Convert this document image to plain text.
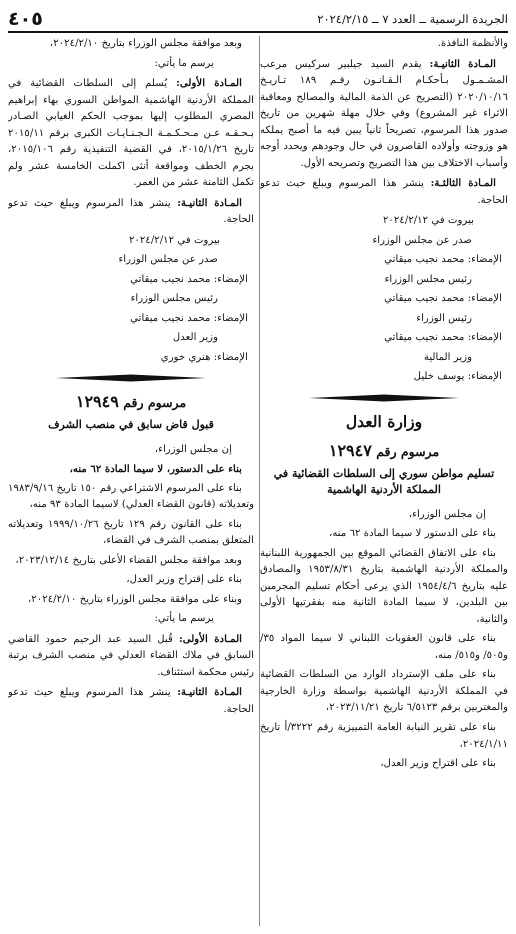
الجريدة الرسمية ــ العدد ٧ ــ ٢٠٢٤/٢/١٥
٤٠٥

والأنظمة النافذة.

المـادة الثانيـة: يقدم السيد جيلبير سركيس مرعب المشـمـول بـأحكـام الـقـانـون رقـم ١٨٩ تـاريـخ ٢٠٢٠/١٠/١٦ (التصريح عن الذمة المالية والمصالح ومعاقبة الاثراء غير المشروع) وفي خلال مهلة شهرين من تاريخ صدور هذا المرسوم، تصريحاً ثانياً يبين فيه ما أصبح يملكه هو وزوجته وأولاده القاصرون في حال وجودهم ويحدد أوجه وأسباب الاختلاف بين هذا التصريح وتصريحه الأول.

المـادة الثالثـة: ينشر هذا المرسوم ويبلغ حيث تدعو الحاجة.

بيروت في ٢٠٢٤/٢/١٢

صدر عن مجلس الوزراء

الإمضاء: محمد نجيب ميقاتي

رئيس مجلس الوزراء

الإمضاء: محمد نجيب ميقاتي

رئيس الوزراء

الإمضاء: محمد نجيب ميقاتي

وزير المالية

الإمضاء: يوسف خليل

وزارة العدل

مرسوم رقم ١٢٩٤٧

تسليم مواطن سوري إلى السلطات القضائية في المملكة الأردنية الهاشمية

إن مجلس الوزراء،

بناء على الدستور لا سيما المادة ٦٢ منه،

بناء على الاتفاق القضائي الموقع بين الجمهورية اللبنانية والمملكة الأردنية الهاشمية بتاريخ ١٩٥٣/٨/٣١ والمصادق عليه بتاريخ ١٩٥٤/٤/٦ الذي يرعى أحكام تسليم المجرمين بين البلدين، لا سيما المادة الثانية منه بفقرتيها الأولى والثانية،

بناء على قانون العقوبات اللبناني لا سيما المواد ٣٥/ و٥٠٥/ و٥١٥/ منه،

بناء على ملف الإسترداد الوارد من السلطات القضائية في المملكة الأردنية الهاشمية بواسطة وزارة الخارجية والمغتربين برقم ٦/٥١٢٣ تاريخ ٢٠٢٣/١١/٢١،

بناء على تقرير النيابة العامة التمييزية رقم ٣٢٢٢/أ تاريخ ٢٠٢٤/١/١١،

بناء على اقتراح وزير العدل،

وبعد موافقة مجلس الوزراء بتاريخ ٢٠٢٤/٢/١٠،

يرسم ما يأتي:

المـادة الأولى: يُسلم إلى السلطات القضائية في المملكة الأردنية الهاشمية المواطن السوري بهاء إبراهيم المصري المطلوب إليها بموجب الحكم الغيابي الصـادر بـحـقـه عـن مـحـكـمـة الـجـنـايـات الكبرى برقم ٢٠١٥/١١ تاريخ ٢٠١٥/١/٢٦، في القضية التنفيذية رقم ٢٠١٥/١٠٦، بجرم الخطف ومواقعة أنثى اكملت الخامسة عشر ولم تكمل الثامنة عشر من العمر.

المـادة الثانيـة: ينشر هذا المرسوم ويبلغ حيث تدعو الحاجة.

بيروت في ٢٠٢٤/٢/١٢

صدر عن مجلس الوزراء

الإمضاء: محمد نجيب ميقاتي

رئيس مجلس الوزراء

الإمضاء: محمد نجيب ميقاتي

وزير العدل

الإمضاء: هنري خوري

مرسوم رقم ١٢٩٤٩

قبول قاض سابق في منصب الشرف

إن مجلس الوزراء،

بناء على الدستور، لا سيما المادة ٦٢ منه،

بناء على المرسوم الاشتراعي رقم ١٥٠ تاريخ ١٩٨٣/٩/١٦ وتعديلاته (قانون القضاء العدلي) لاسيما المادة ٩٣ منه،

بناء على القانون رقم ١٢٩ تاريخ ١٩٩٩/١٠/٢٦ وتعديلاته المتعلق بمنصب الشرف في القضاء،

وبعد موافقة مجلس القضاء الأعلى بتاريخ ٢٠٢٣/١٢/١٤،

بناء على إقتراح وزير العدل،

وبناء على موافقة مجلس الوزراء بتاريخ ٢٠٢٤/٢/١٠،

يرسم ما يأتي:

المـادة الأولى: قُبل السيد عبد الرحيم حمود القاضي السابق في ملاك القضاء العدلي في منصب الشرف برتبة رئيس محكمة استئناف.

المـادة الثانيـة: ينشر هذا المرسوم ويبلغ حيث تدعو الحاجة.
